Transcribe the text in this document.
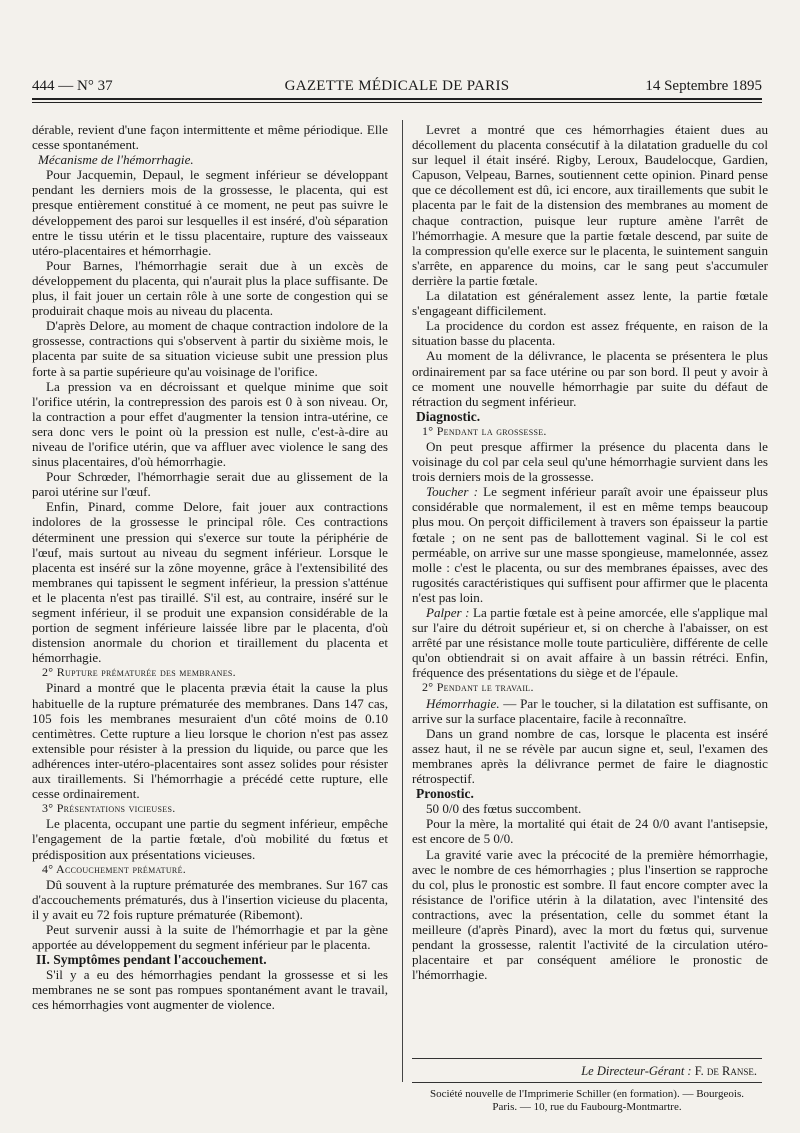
444 — N° 37	GAZETTE MÉDICALE DE PARIS	14 Septembre 1895

dérable, revient d'une façon intermittente et même périodique. Elle cesse spontanément.

Mécanisme de l'hémorrhagie.

Pour Jacquemin, Depaul, le segment inférieur se développant pendant les derniers mois de la grossesse, le placenta, qui est presque entièrement constitué à ce moment, ne peut pas suivre le développement des paroi sur lesquelles il est inséré, d'où séparation entre le tissu utérin et le tissu placentaire, rupture des vaisseaux utéro-placentaires et hémorrhagie.

Pour Barnes, l'hémorrhagie serait due à un excès de développement du placenta, qui n'aurait plus la place suffisante. De plus, il fait jouer un certain rôle à une sorte de congestion qui se produirait chaque mois au niveau du placenta.

D'après Delore, au moment de chaque contraction indolore de la grossesse, contractions qui s'observent à partir du sixième mois, le placenta par suite de sa situation vicieuse subit une pression plus forte à sa partie supérieure qu'au voisinage de l'orifice.

La pression va en décroissant et quelque minime que soit l'orifice utérin, la contrepression des parois est 0 à son niveau. Or, la contraction a pour effet d'augmenter la tension intra-utérine, ce sera donc vers le point où la pression est nulle, c'est-à-dire au niveau de l'orifice utérin, que va affluer avec violence le sang des sinus placentaires, d'où hémorrhagie.

Pour Schrœder, l'hémorrhagie serait due au glissement de la paroi utérine sur l'œuf.

Enfin, Pinard, comme Delore, fait jouer aux contractions indolores de la grossesse le principal rôle. Ces contractions déterminent une pression qui s'exerce sur toute la périphérie de l'œuf, mais surtout au niveau du segment inférieur. Lorsque le placenta est inséré sur la zône moyenne, grâce à l'extensibilité des membranes qui tapissent le segment inférieur, la pression s'atténue et le placenta n'est pas tiraillé. S'il est, au contraire, inséré sur le segment inférieur, il se produit une expansion considérable de la portion de segment inférieure laissée libre par le placenta, d'où distension anormale du chorion et tiraillement du placenta et hémorrhagie.

2° Rupture prématurée des membranes.

Pinard a montré que le placenta prævia était la cause la plus habituelle de la rupture prématurée des membranes. Dans 147 cas, 105 fois les membranes mesuraient d'un côté moins de 0.10 centimètres. Cette rupture a lieu lorsque le chorion n'est pas assez extensible pour résister à la pression du liquide, ou parce que les adhérences inter-utéro-placentaires sont assez solides pour résister aux tiraillements. Si l'hémorrhagie a précédé cette rupture, elle cesse ordinairement.

3° Présentations vicieuses.

Le placenta, occupant une partie du segment inférieur, empêche l'engagement de la partie fœtale, d'où mobilité du fœtus et prédisposition aux présentations vicieuses.

4° Accouchement prématuré.

Dû souvent à la rupture prématurée des membranes. Sur 167 cas d'accouchements prématurés, dus à l'insertion vicieuse du placenta, il y avait eu 72 fois rupture prématurée (Ribemont).

Peut survenir aussi à la suite de l'hémorrhagie et par la gène apportée au développement du segment inférieur par le placenta.

II. Symptômes pendant l'accouchement.

S'il y a eu des hémorrhagies pendant la grossesse et si les membranes ne se sont pas rompues spontanément avant le travail, ces hémorrhagies vont augmenter de violence.

Levret a montré que ces hémorrhagies étaient dues au décollement du placenta consécutif à la dilatation graduelle du col sur lequel il était inséré. Rigby, Leroux, Baudelocque, Gardien, Capuson, Velpeau, Barnes, soutiennent cette opinion. Pinard pense que ce décollement est dû, ici encore, aux tiraillements que subit le placenta par le fait de la distension des membranes au moment de chaque contraction, puisque leur rupture amène l'arrêt de l'hémorrhagie. A mesure que la partie fœtale descend, par suite de la compression qu'elle exerce sur le placenta, le suintement sanguin s'arrête, en apparence du moins, car le sang peut s'accumuler derrière la partie fœtale.

La dilatation est généralement assez lente, la partie fœtale s'engageant difficilement.

La procidence du cordon est assez fréquente, en raison de la situation basse du placenta.

Au moment de la délivrance, le placenta se présentera le plus ordinairement par sa face utérine ou par son bord. Il peut y avoir à ce moment une nouvelle hémorrhagie par suite du défaut de rétraction du segment inférieur.

Diagnostic.

1° Pendant la grossesse.

On peut presque affirmer la présence du placenta dans le voisinage du col par cela seul qu'une hémorrhagie survient dans les trois derniers mois de la grossesse.

Toucher : Le segment inférieur paraît avoir une épaisseur plus considérable que normalement, il est en même temps beaucoup plus mou. On perçoit difficilement à travers son épaisseur la partie fœtale ; on ne sent pas de ballottement vaginal. Si le col est perméable, on arrive sur une masse spongieuse, mamelonnée, assez molle : c'est le placenta, ou sur des membranes épaisses, avec des rugosités caractéristiques qui suffisent pour affirmer que le placenta n'est pas loin.

Palper : La partie fœtale est à peine amorcée, elle s'applique mal sur l'aire du détroit supérieur et, si on cherche à l'abaisser, on est arrêté par une résistance molle toute particulière, différente de celle qu'on obtiendrait si on avait affaire à un bassin rétréci. Enfin, fréquence des présentations du siège et de l'épaule.

2° Pendant le travail.

Hémorrhagie. — Par le toucher, si la dilatation est suffisante, on arrive sur la surface placentaire, facile à reconnaître.

Dans un grand nombre de cas, lorsque le placenta est inséré assez haut, il ne se révèle par aucun signe et, seul, l'examen des membranes après la délivrance permet de faire le diagnostic rétrospectif.

Pronostic.

50 0/0 des fœtus succombent.

Pour la mère, la mortalité qui était de 24 0/0 avant l'antisepsie, est encore de 5 0/0.

La gravité varie avec la précocité de la première hémorrhagie, avec le nombre de ces hémorrhagies ; plus l'insertion se rapproche du col, plus le pronostic est sombre. Il faut encore compter avec la résistance de l'orifice utérin à la dilatation, avec l'intensité des contractions, avec la présentation, celle du sommet étant la meilleure (d'après Pinard), avec la mort du fœtus qui, survenue pendant la grossesse, ralentit l'activité de la circulation utéro-placentaire et par conséquent améliore le pronostic de l'hémorrhagie.

Le Directeur-Gérant : F. de Ranse.
Société nouvelle de l'Imprimerie Schiller (en formation). — Bourgeois.
Paris. — 10, rue du Faubourg-Montmartre.
